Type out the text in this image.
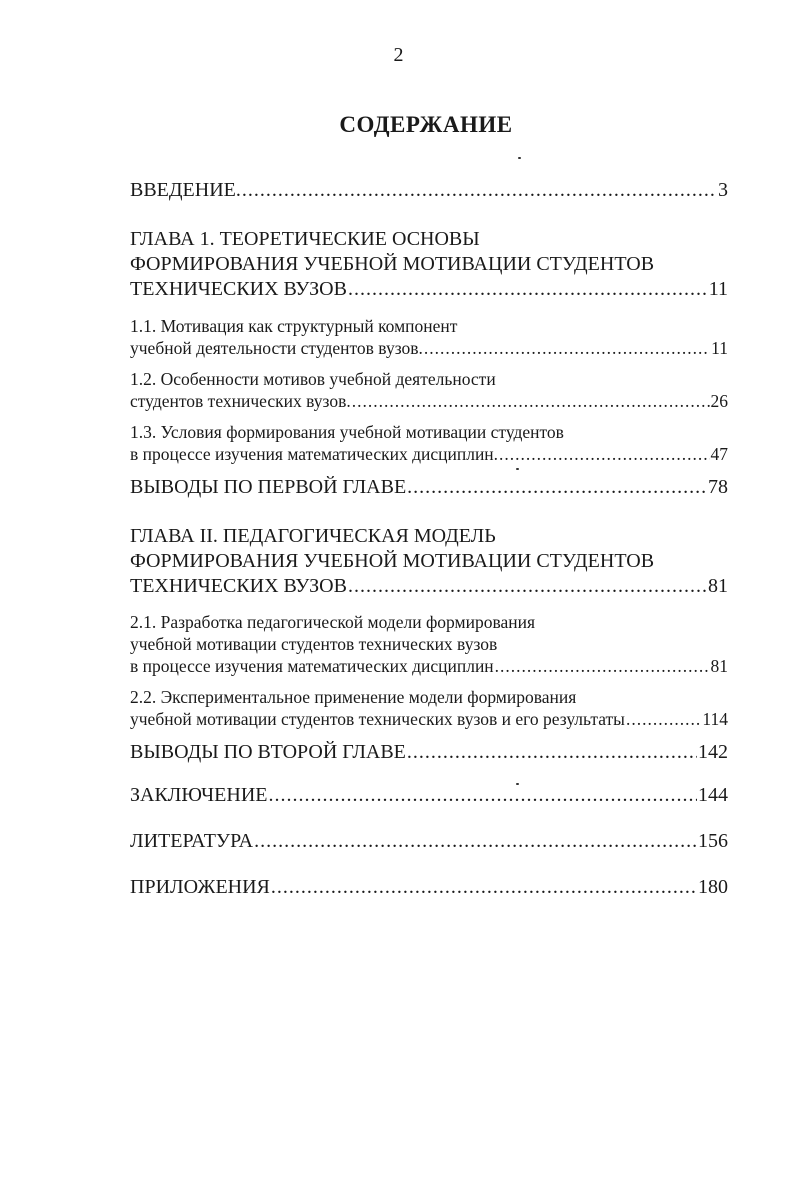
2
СОДЕРЖАНИЕ
ВВЕДЕНИЕ. .....	3
ГЛАВА 1. ТЕОРЕТИЧЕСКИЕ ОСНОВЫ
ФОРМИРОВАНИЯ УЧЕБНОЙ МОТИВАЦИИ СТУДЕНТОВ
ТЕХНИЧЕСКИХ ВУЗОВ .....	11
1.1. Мотивация как структурный компонент
учебной деятельности студентов вузов. .....	11
1.2. Особенности мотивов учебной деятельности
студентов технических вузов. .....	26
1.3. Условия формирования учебной мотивации студентов
в процессе изучения математических дисциплин. .....	47
ВЫВОДЫ ПО ПЕРВОЙ ГЛАВЕ .....	78
ГЛАВА II. ПЕДАГОГИЧЕСКАЯ МОДЕЛЬ
ФОРМИРОВАНИЯ УЧЕБНОЙ МОТИВАЦИИ СТУДЕНТОВ
ТЕХНИЧЕСКИХ ВУЗОВ .....	81
2.1. Разработка педагогической модели формирования
учебной мотивации студентов технических вузов
в процессе изучения математических дисциплин .....	81
2.2. Экспериментальное применение модели формирования
учебной мотивации студентов технических вузов и его результаты .....	114
ВЫВОДЫ ПО ВТОРОЙ ГЛАВЕ .....	142
ЗАКЛЮЧЕНИЕ .....	144
ЛИТЕРАТУРА .....	156
ПРИЛОЖЕНИЯ .....	180
